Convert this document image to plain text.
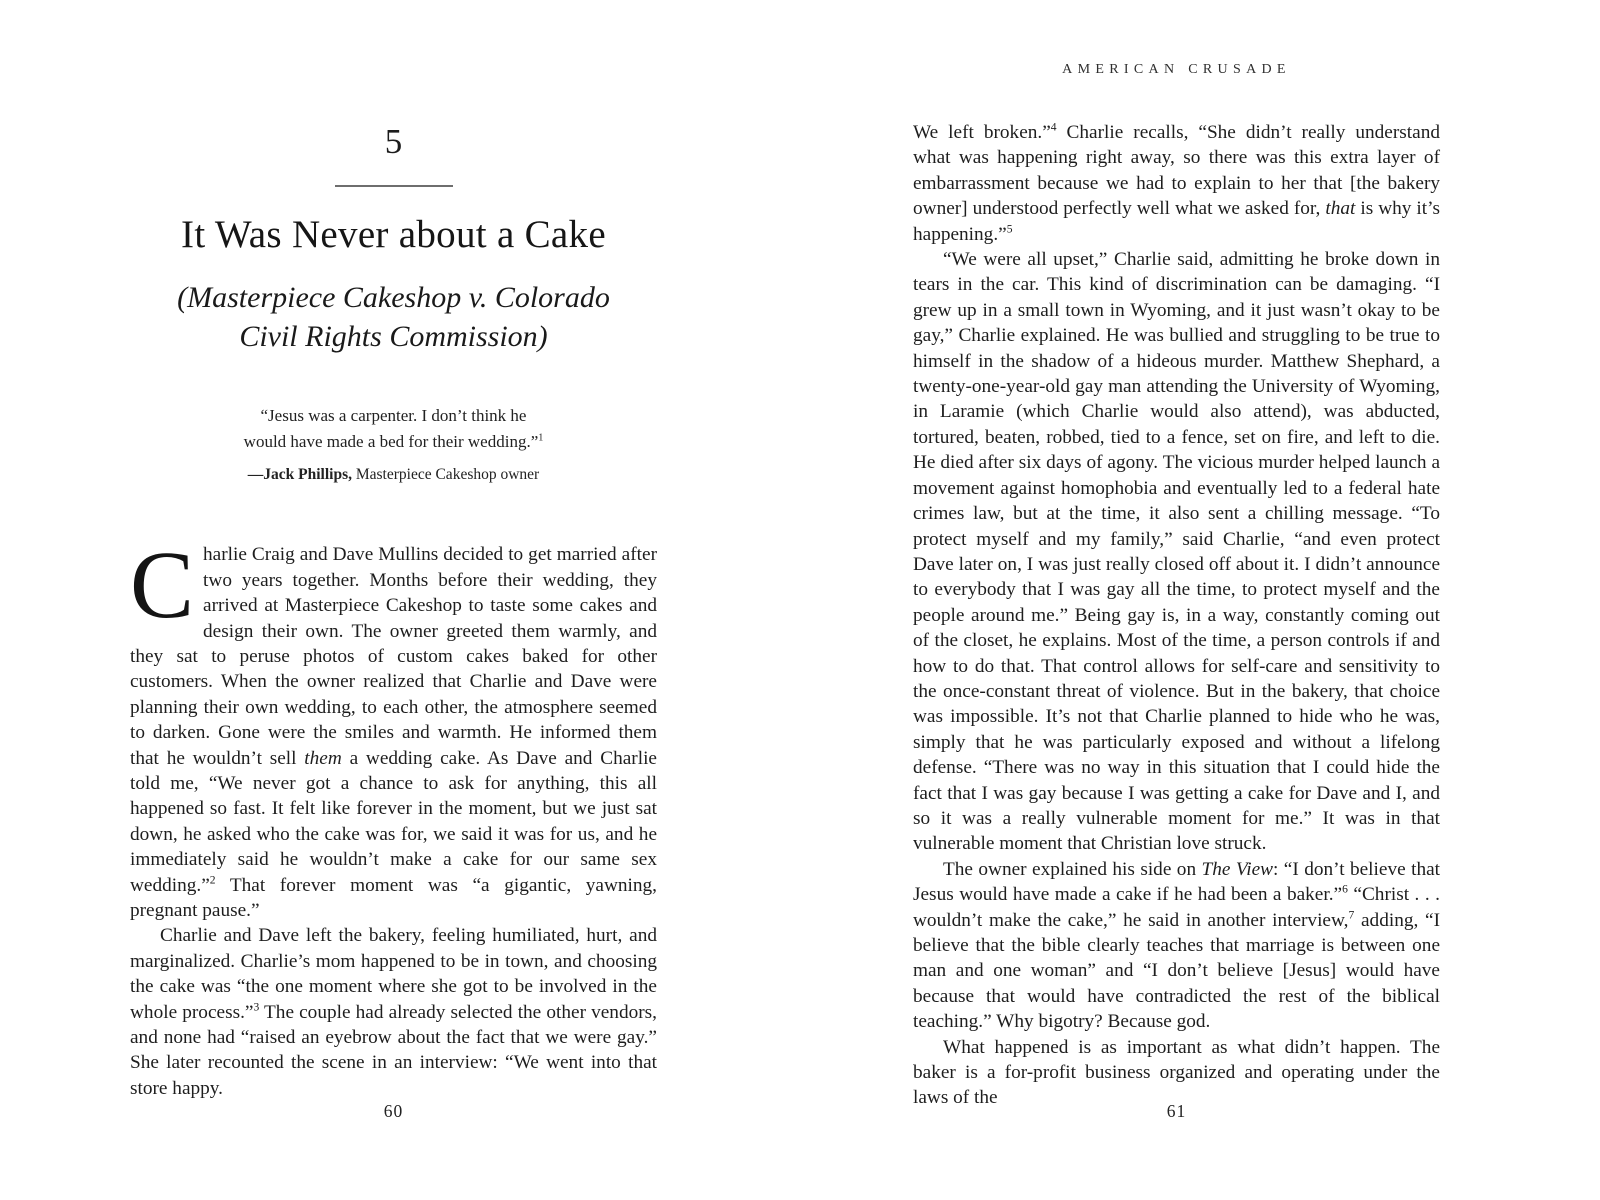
5
It Was Never about a Cake
(Masterpiece Cakeshop v. Colorado
Civil Rights Commission)
“Jesus was a carpenter. I don’t think he
would have made a bed for their wedding.”$^1$
—Jack Phillips, Masterpiece Cakeshop owner

Charlie Craig and Dave Mullins decided to get married after two years together. Months before their wedding, they arrived at Masterpiece Cakeshop to taste some cakes and design their own. The owner greeted them warmly, and they sat to peruse photos of custom cakes baked for other customers. When the owner realized that Charlie and Dave were planning their own wedding, to each other, the atmosphere seemed to darken. Gone were the smiles and warmth. He informed them that he wouldn’t sell them a wedding cake. As Dave and Charlie told me, “We never got a chance to ask for anything, this all happened so fast. It felt like forever in the moment, but we just sat down, he asked who the cake was for, we said it was for us, and he immediately said he wouldn’t make a cake for our same sex wedding.”$^2$ That forever moment was “a gigantic, yawning, pregnant pause.”

Charlie and Dave left the bakery, feeling humiliated, hurt, and marginalized. Charlie’s mom happened to be in town, and choosing the cake was “the one moment where she got to be involved in the whole process.”$^3$ The couple had already selected the other vendors, and none had “raised an eyebrow about the fact that we were gay.” She later recounted the scene in an interview: “We went into that store happy.

60
AMERICAN CRUSADE

We left broken.”$^4$ Charlie recalls, “She didn’t really understand what was happening right away, so there was this extra layer of embarrassment because we had to explain to her that [the bakery owner] understood perfectly well what we asked for, that is why it’s happening.”$^5$

“We were all upset,” Charlie said, admitting he broke down in tears in the car. This kind of discrimination can be damaging. “I grew up in a small town in Wyoming, and it just wasn’t okay to be gay,” Charlie explained. He was bullied and struggling to be true to himself in the shadow of a hideous murder. Matthew Shephard, a twenty-one-year-old gay man attending the University of Wyoming, in Laramie (which Charlie would also attend), was abducted, tortured, beaten, robbed, tied to a fence, set on fire, and left to die. He died after six days of agony. The vicious murder helped launch a movement against homophobia and eventually led to a federal hate crimes law, but at the time, it also sent a chilling message. “To protect myself and my family,” said Charlie, “and even protect Dave later on, I was just really closed off about it. I didn’t announce to everybody that I was gay all the time, to protect myself and the people around me.” Being gay is, in a way, constantly coming out of the closet, he explains. Most of the time, a person controls if and how to do that. That control allows for self-care and sensitivity to the once-constant threat of violence. But in the bakery, that choice was impossible. It’s not that Charlie planned to hide who he was, simply that he was particularly exposed and without a lifelong defense. “There was no way in this situation that I could hide the fact that I was gay because I was getting a cake for Dave and I, and so it was a really vulnerable moment for me.” It was in that vulnerable moment that Christian love struck.

The owner explained his side on The View: “I don’t believe that Jesus would have made a cake if he had been a baker.”$^6$ “Christ . . . wouldn’t make the cake,” he said in another interview,$^7$ adding, “I believe that the bible clearly teaches that marriage is between one man and one woman” and “I don’t believe [Jesus] would have because that would have contradicted the rest of the biblical teaching.” Why bigotry? Because god.

What happened is as important as what didn’t happen. The baker is a for-profit business organized and operating under the laws of the

61
